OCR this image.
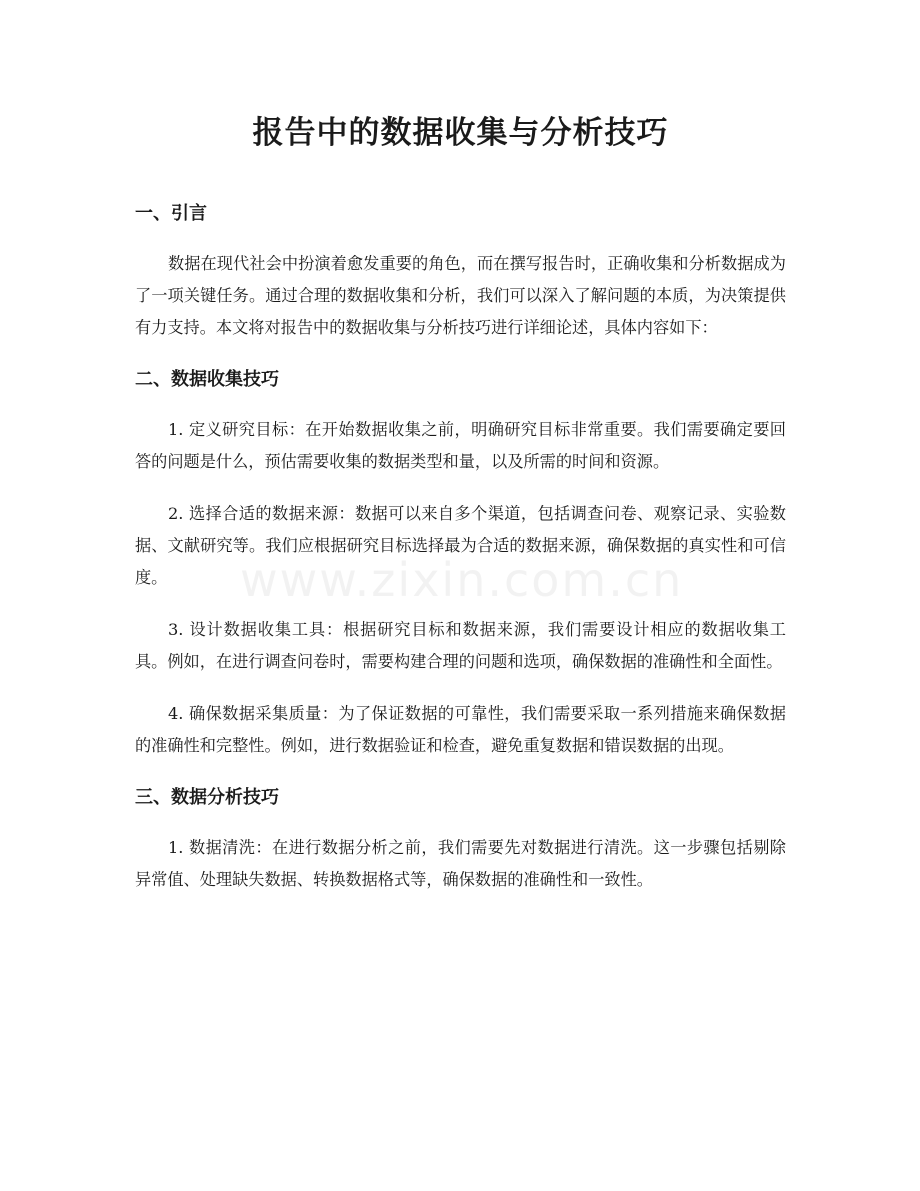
报告中的数据收集与分析技巧
一、引言

数据在现代社会中扮演着愈发重要的角色，而在撰写报告时，正确收集和分析数据成为了一项关键任务。通过合理的数据收集和分析，我们可以深入了解问题的本质，为决策提供有力支持。本文将对报告中的数据收集与分析技巧进行详细论述，具体内容如下：

二、数据收集技巧

1. 定义研究目标：在开始数据收集之前，明确研究目标非常重要。我们需要确定要回答的问题是什么，预估需要收集的数据类型和量，以及所需的时间和资源。

2. 选择合适的数据来源：数据可以来自多个渠道，包括调查问卷、观察记录、实验数据、文献研究等。我们应根据研究目标选择最为合适的数据来源，确保数据的真实性和可信度。

3. 设计数据收集工具：根据研究目标和数据来源，我们需要设计相应的数据收集工具。例如，在进行调查问卷时，需要构建合理的问题和选项，确保数据的准确性和全面性。

4. 确保数据采集质量：为了保证数据的可靠性，我们需要采取一系列措施来确保数据的准确性和完整性。例如，进行数据验证和检查，避免重复数据和错误数据的出现。

三、数据分析技巧

1. 数据清洗：在进行数据分析之前，我们需要先对数据进行清洗。这一步骤包括剔除异常值、处理缺失数据、转换数据格式等，确保数据的准确性和一致性。

www.zixin.com.cn
